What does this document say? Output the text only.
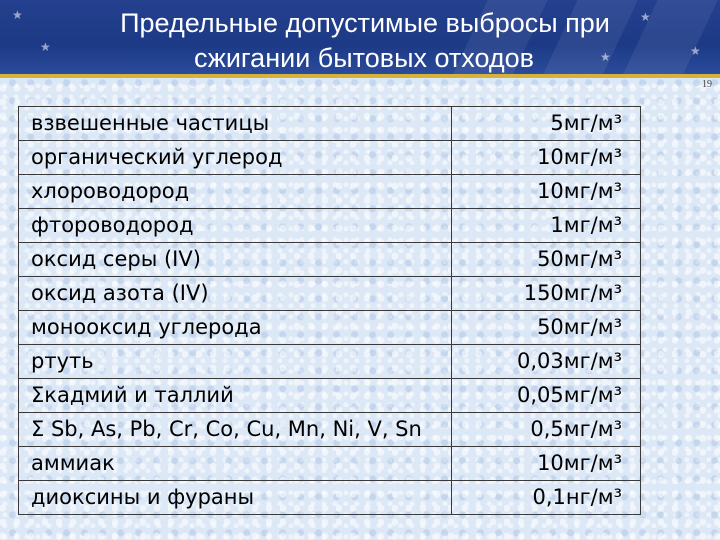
★
★
★
★
★
Предельные допустимые выбросы при
сжигании бытовых отходов
19
взвешенные частицы	5мг/м³
органический углерод	10мг/м³
хлороводород	10мг/м³
фтороводород	1мг/м³
оксид серы (IV)	50мг/м³
оксид азота (IV)	150мг/м³
монооксид углерода	50мг/м³
ртуть	0,03мг/м³
Σкадмий и таллий	0,05мг/м³
Σ Sb, As, Pb, Cr, Co, Cu, Mn, Ni, V, Sn	0,5мг/м³
аммиак	10мг/м³
диоксины и фураны	0,1нг/м³
